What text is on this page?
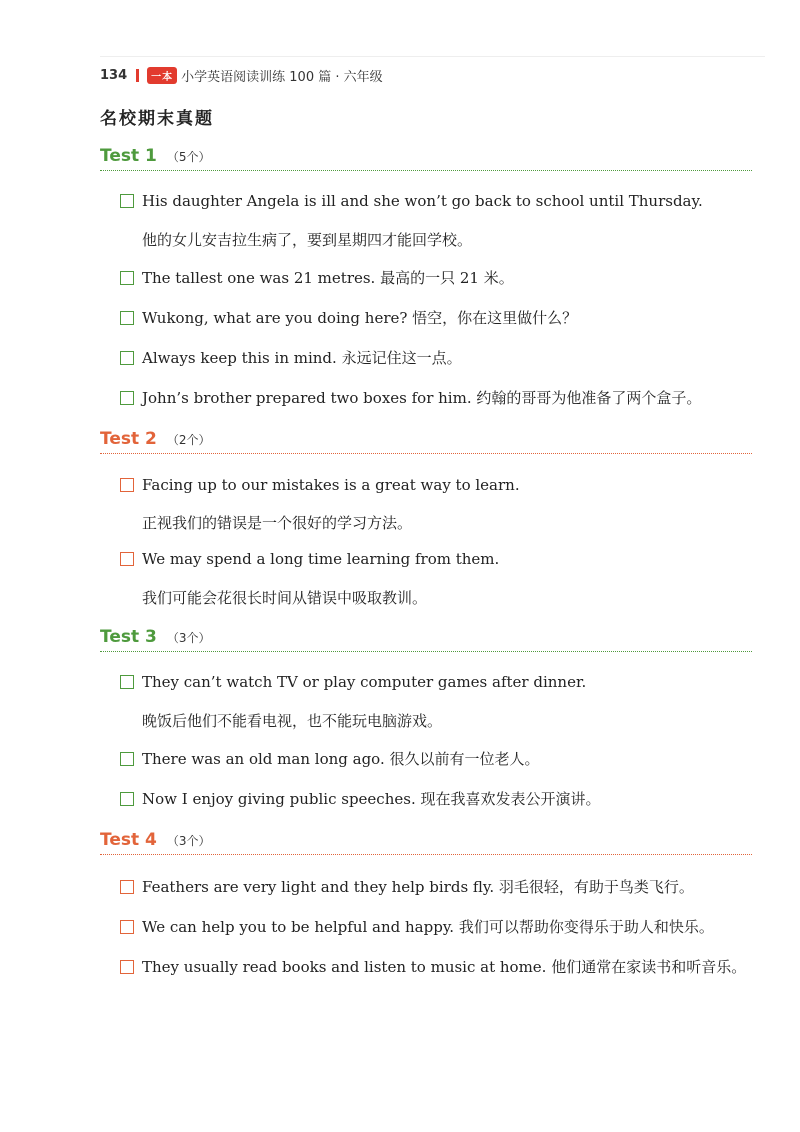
134	一本 小学英语阅读训练 100 篇 · 六年级
名校期末真题
Test 1 （5个）
His daughter Angela is ill and she won’t go back to school until Thursday.
他的女儿安吉拉生病了，要到星期四才能回学校。
The tallest one was 21 metres. 最高的一只 21 米。
Wukong, what are you doing here? 悟空，你在这里做什么？
Always keep this in mind. 永远记住这一点。
John’s brother prepared two boxes for him. 约翰的哥哥为他准备了两个盒子。
Test 2 （2个）
Facing up to our mistakes is a great way to learn.
正视我们的错误是一个很好的学习方法。
We may spend a long time learning from them.
我们可能会花很长时间从错误中吸取教训。
Test 3 （3个）
They can’t watch TV or play computer games after dinner.
晚饭后他们不能看电视，也不能玩电脑游戏。
There was an old man long ago. 很久以前有一位老人。
Now I enjoy giving public speeches. 现在我喜欢发表公开演讲。
Test 4 （3个）
Feathers are very light and they help birds fly. 羽毛很轻，有助于鸟类飞行。
We can help you to be helpful and happy. 我们可以帮助你变得乐于助人和快乐。
They usually read books and listen to music at home. 他们通常在家读书和听音乐。
